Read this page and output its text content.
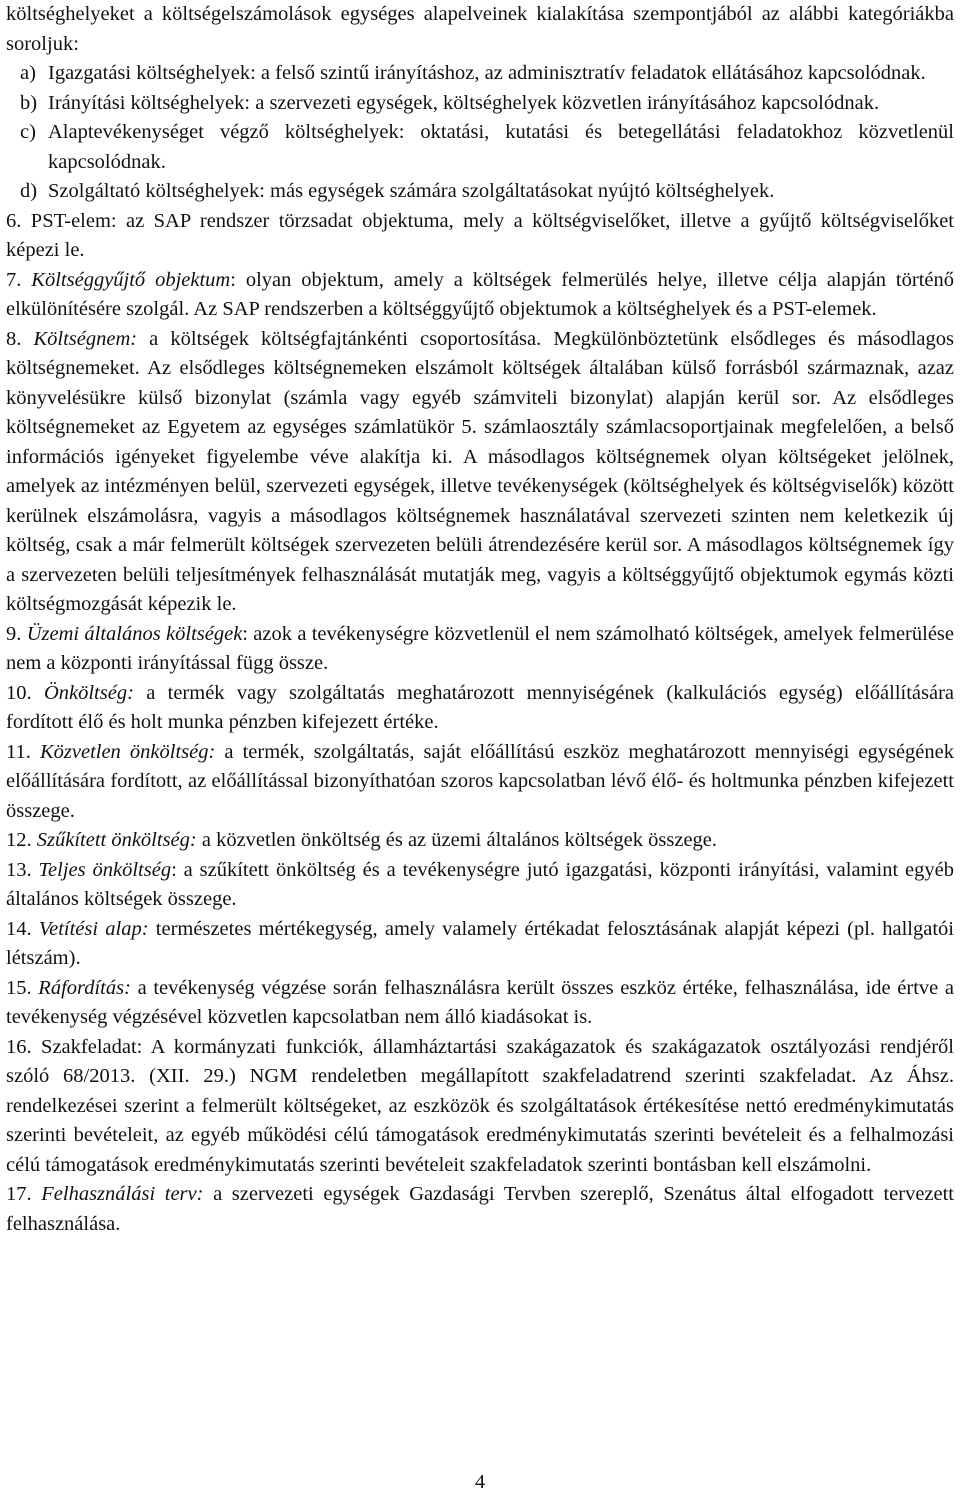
költséghelyeket a költségelszámolások egységes alapelveinek kialakítása szempontjából az alábbi kategóriákba soroljuk:

a) Igazgatási költséghelyek: a felső szintű irányításhoz, az adminisztratív feladatok ellátásához kapcsolódnak.
b) Irányítási költséghelyek: a szervezeti egységek, költséghelyek közvetlen irányításához kapcsolódnak.
c) Alaptevékenységet végző költséghelyek: oktatási, kutatási és betegellátási feladatokhoz közvetlenül kapcsolódnak.
d) Szolgáltató költséghelyek: más egységek számára szolgáltatásokat nyújtó költséghelyek.

6. PST-elem: az SAP rendszer törzsadat objektuma, mely a költségviselőket, illetve a gyűjtő költségviselőket képezi le.

7. Költséggyűjtő objektum: olyan objektum, amely a költségek felmerülés helye, illetve célja alapján történő elkülönítésére szolgál. Az SAP rendszerben a költséggyűjtő objektumok a költséghelyek és a PST-elemek.

8. Költségnem: a költségek költségfajtánkénti csoportosítása. Megkülönböztetünk elsődleges és másodlagos költségnemeket. Az elsődleges költségnemeken elszámolt költségek általában külső forrásból származnak, azaz könyvelésükre külső bizonylat (számla vagy egyéb számviteli bizonylat) alapján kerül sor. Az elsődleges költségnemeket az Egyetem az egységes számlatükör 5. számlaosztály számlacsoportjainak megfelelően, a belső információs igényeket figyelembe véve alakítja ki. A másodlagos költségnemek olyan költségeket jelölnek, amelyek az intézményen belül, szervezeti egységek, illetve tevékenységek (költséghelyek és költségviselők) között kerülnek elszámolásra, vagyis a másodlagos költségnemek használatával szervezeti szinten nem keletkezik új költség, csak a már felmerült költségek szervezeten belüli átrendezésére kerül sor. A másodlagos költségnemek így a szervezeten belüli teljesítmények felhasználását mutatják meg, vagyis a költséggyűjtő objektumok egymás közti költségmozgását képezik le.

9. Üzemi általános költségek: azok a tevékenységre közvetlenül el nem számolható költségek, amelyek felmerülése nem a központi irányítással függ össze.

10. Önköltség: a termék vagy szolgáltatás meghatározott mennyiségének (kalkulációs egység) előállítására fordított élő és holt munka pénzben kifejezett értéke.

11. Közvetlen önköltség: a termék, szolgáltatás, saját előállítású eszköz meghatározott mennyiségi egységének előállítására fordított, az előállítással bizonyíthatóan szoros kapcsolatban lévő élő- és holtmunka pénzben kifejezett összege.

12. Szűkített önköltség: a közvetlen önköltség és az üzemi általános költségek összege.

13. Teljes önköltség: a szűkített önköltség és a tevékenységre jutó igazgatási, központi irányítási, valamint egyéb általános költségek összege.

14. Vetítési alap: természetes mértékegység, amely valamely értékadat felosztásának alapját képezi (pl. hallgatói létszám).

15. Ráfordítás: a tevékenység végzése során felhasználásra került összes eszköz értéke, felhasználása, ide értve a tevékenység végzésével közvetlen kapcsolatban nem álló kiadásokat is.

16. Szakfeladat: A kormányzati funkciók, államháztartási szakágazatok és szakágazatok osztályozási rendjéről szóló 68/2013. (XII. 29.) NGM rendeletben megállapított szakfeladatrend szerinti szakfeladat. Az Áhsz. rendelkezései szerint a felmerült költségeket, az eszközök és szolgáltatások értékesítése nettó eredménykimutatás szerinti bevételeit, az egyéb működési célú támogatások eredménykimutatás szerinti bevételeit és a felhalmozási célú támogatások eredménykimutatás szerinti bevételeit szakfeladatok szerinti bontásban kell elszámolni.

17. Felhasználási terv: a szervezeti egységek Gazdasági Tervben szereplő, Szenátus által elfogadott tervezett felhasználása.

4
